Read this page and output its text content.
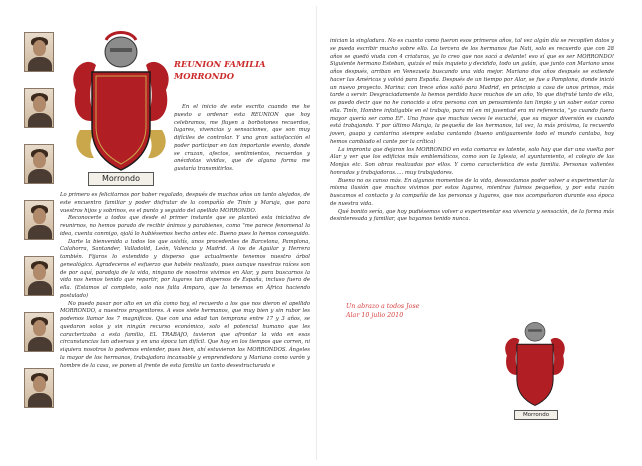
Morrondo
REUNION FAMILIA
MORRONDO

En el inicio de este escrito cuando me he puesto a ordenar esta REUNION que hoy celebramos, me fluyen a borbotones recuerdos, lugares, vivencias y sensaciones, que son muy difíciles de controlar. Y una gran satisfacción el poder participar en tan importante evento, donde se cruzan, afectos, sentimientos, recuerdos y anécdotas vividas, que de alguna forma me gustaría transmitirlos.

Lo primero es felicitarnos por haber regalado, después de muchos años un tanto alejados, de este encuentro familiar y poder disfrutar de la compañía de Tinín y Maruja, que para vuestros hijos y sobrinos, es el punto y seguido del apellido MORRONDO.

Reconocerte a todos que desde el primer instante que se planteó esta iniciativa de reunirnos, no hemos parado de recibir ánimos y parabienes, como "me parece fenomenal la idea, cuenta conmigo, ojalá lo hubiésemos hecho antes etc. Bueno pues lo hemos conseguido.

Darte la bienvenida a todos los que asistís, unos procedentes de Barcelona, Pamplona, Calahorra, Santander, Valladolid, León, Valencia y Madrid. A los de Aguilar y Herrera también. Fijaros lo extendido y disperso que actualmente tenemos nuestro árbol genealógico. Agradeceros el esfuerzo que habéis realizado, pues aunque nuestras raíces son de por aquí, paradoja de la vida, ninguno de nosotros vivimos en Alar, y para buscarnos la vida nos hemos tenido que repartir, por lugares tan dispersos de España, incluso fuera de ella. (Estamos al completo, solo nos falta Amparo, que la tenemos en África haciendo postulado)

No puedo pasar por alto en un día como hoy, el recuerdo a los que nos dieron el apellido MORRONDO, a nuestros progenitores. A esos siete hermanos, que muy bien y sin rubor les podemos llamar los 7 magníficos. Que con una edad tan temprana entre 17 y 3 años, se quedaron solos y sin ningún recurso económico, solo el potencial humano que les caracterizaba a esta familia, EL TRABAJO, tuvieron que afrontar la vida en esas circunstancias tan adversas y en una época tan difícil. Que hoy en los tiempos que corren, ni siquiera nosotros lo podemos entender, pues bien, ahí estuvieron los MORRONDOS. Ángeles la mayor de los hermanos, trabajadora incansable y emprendedora y Mariano como varón y hombre de la casa, se ponen al frente de esta familia un tanto desestructurada e

inician la singladura. No es cuanto como fueron esos primeros años, tal vez algún día se recopilen datos y se pueda escribir mucho sobre ello. La tercera de los hermanos fue Nati, solo es recuerdo que con 28 años se quedó viuda con 4 criaturas, ya lo creo que nos sacó a delante! eso sí que es ser MORRONDO! Siguiente hermano Esteban, quizás el más inquieto y decidido, todo un galán, que junto con Mariano unos años después, arriban en Venezuela buscando una vida mejor. Mariano dos años después se extiende hacer las Américas y volvió para España. Después de un tiempo por Alar, se fue a Pamplona, donde inició un nuevo proyecto. Marina: con trece años salió para Madrid, en principio a casa de unos primos, más tarde a servir. Desgraciadamente la hemos perdido hace muchos de un año, Yo que disfruté tanto de ella, os puedo decir que no he conocido a otra persona con un pensamiento tan limpio y un saber estar como ella. Tinín, Hombre infatigable en el trabajo, para mí en mi juventud era mi referencia, "yo cuando fuera mayor quería ser como El". Una frase que muchas veces le escuché, que su mayor diversión es cuando está trabajando. Y por último Maruja, la pequeña de los hermanos, tal vez, la más próxima, la recuerdo joven, guapa y cantarina siempre estaba cantando (bueno antiguamente todo el mundo cantaba, hoy hemos cambiado el cante por la crítica)

La impronta que dejaron los MORRONDO en esta comarca es latente, solo hay que dar una vuelta por Alar y ver que los edificios más emblemáticos, como son la Iglesia, el ayuntamiento, el colegio de las Monjas etc. Son obras realizadas por ellos. Y como característica de esta familia. Personas valientes honradas y trabajadoras..... muy trabajadores.

Bueno no os canso más. En algunos momentos de la vida, deseaxtamos poder volver a experimentar la misma ilusión que muchos vivimos por estos lugares, mientras fuimos pequeños, y por esta razón buscamos el contacto y la compañía de las personas y lugares, que nos acompañaron durante esa época de nuestra vida.

Qué bonito sería, que hoy pudiésemos volver a experimentar esa vivencia y sensación, de la forma más desinteresada y familiar, que hayamos tenido nunca.

Un abrazo a todos Jose
Alar 10 julio 2010

Morrondo
